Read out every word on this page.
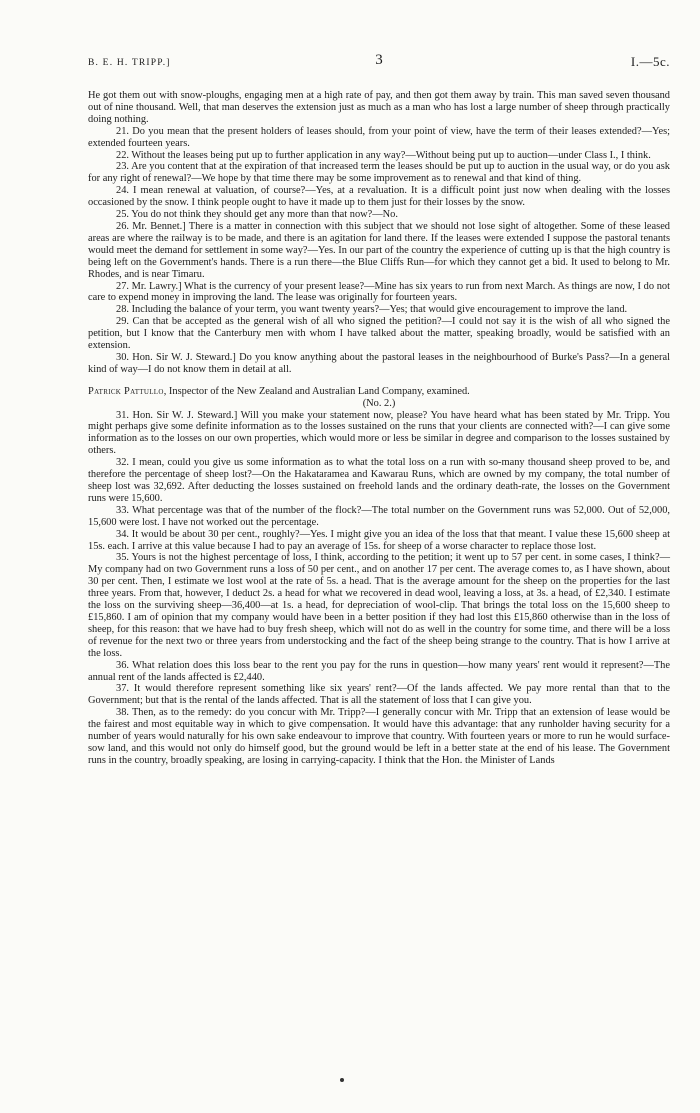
B. E. H. TRIPP.]	3	I.—5c.

He got them out with snow-ploughs, engaging men at a high rate of pay, and then got them away by train. This man saved seven thousand out of nine thousand. Well, that man deserves the extension just as much as a man who has lost a large number of sheep through practically doing nothing.

21. Do you mean that the present holders of leases should, from your point of view, have the term of their leases extended?—Yes; extended fourteen years.

22. Without the leases being put up to further application in any way?—Without being put up to auction—under Class I., I think.

23. Are you content that at the expiration of that increased term the leases should be put up to auction in the usual way, or do you ask for any right of renewal?—We hope by that time there may be some improvement as to renewal and that kind of thing.

24. I mean renewal at valuation, of course?—Yes, at a revaluation. It is a difficult point just now when dealing with the losses occasioned by the snow. I think people ought to have it made up to them just for their losses by the snow.

25. You do not think they should get any more than that now?—No.

26. Mr. Bennet.] There is a matter in connection with this subject that we should not lose sight of altogether. Some of these leased areas are where the railway is to be made, and there is an agitation for land there. If the leases were extended I suppose the pastoral tenants would meet the demand for settlement in some way?—Yes. In our part of the country the experience of cutting up is that the high country is being left on the Government's hands. There is a run there—the Blue Cliffs Run—for which they cannot get a bid. It used to belong to Mr. Rhodes, and is near Timaru.

27. Mr. Lawry.] What is the currency of your present lease?—Mine has six years to run from next March. As things are now, I do not care to expend money in improving the land. The lease was originally for fourteen years.

28. Including the balance of your term, you want twenty years?—Yes; that would give encouragement to improve the land.

29. Can that be accepted as the general wish of all who signed the petition?—I could not say it is the wish of all who signed the petition, but I know that the Canterbury men with whom I have talked about the matter, speaking broadly, would be satisfied with an extension.

30. Hon. Sir W. J. Steward.] Do you know anything about the pastoral leases in the neighbourhood of Burke's Pass?—In a general kind of way—I do not know them in detail at all.

Patrick Pattullo, Inspector of the New Zealand and Australian Land Company, examined.

(No. 2.)

31. Hon. Sir W. J. Steward.] Will you make your statement now, please? You have heard what has been stated by Mr. Tripp. You might perhaps give some definite information as to the losses sustained on the runs that your clients are connected with?—I can give some information as to the losses on our own properties, which would more or less be similar in degree and comparison to the losses sustained by others.

32. I mean, could you give us some information as to what the total loss on a run with so-many thousand sheep proved to be, and therefore the percentage of sheep lost?—On the Hakataramea and Kawarau Runs, which are owned by my company, the total number of sheep lost was 32,692. After deducting the losses sustained on freehold lands and the ordinary death-rate, the losses on the Government runs were 15,600.

33. What percentage was that of the number of the flock?—The total number on the Government runs was 52,000. Out of 52,000, 15,600 were lost. I have not worked out the percentage.

34. It would be about 30 per cent., roughly?—Yes. I might give you an idea of the loss that that meant. I value these 15,600 sheep at 15s. each. I arrive at this value because I had to pay an average of 15s. for sheep of a worse character to replace those lost.

35. Yours is not the highest percentage of loss, I think, according to the petition; it went up to 57 per cent. in some cases, I think?—My company had on two Government runs a loss of 50 per cent., and on another 17 per cent. The average comes to, as I have shown, about 30 per cent. Then, I estimate we lost wool at the rate of 5s. a head. That is the average amount for the sheep on the properties for the last three years. From that, however, I deduct 2s. a head for what we recovered in dead wool, leaving a loss, at 3s. a head, of £2,340. I estimate the loss on the surviving sheep—36,400—at 1s. a head, for depreciation of wool-clip. That brings the total loss on the 15,600 sheep to £15,860. I am of opinion that my company would have been in a better position if they had lost this £15,860 otherwise than in the loss of sheep, for this reason: that we have had to buy fresh sheep, which will not do as well in the country for some time, and there will be a loss of revenue for the next two or three years from understocking and the fact of the sheep being strange to the country. That is how I arrive at the loss.

36. What relation does this loss bear to the rent you pay for the runs in question—how many years' rent would it represent?—The annual rent of the lands affected is £2,440.

37. It would therefore represent something like six years' rent?—Of the lands affected. We pay more rental than that to the Government; but that is the rental of the lands affected. That is all the statement of loss that I can give you.

38. Then, as to the remedy: do you concur with Mr. Tripp?—I generally concur with Mr. Tripp that an extension of lease would be the fairest and most equitable way in which to give compensation. It would have this advantage: that any runholder having security for a number of years would naturally for his own sake endeavour to improve that country. With fourteen years or more to run he would surface-sow land, and this would not only do himself good, but the ground would be left in a better state at the end of his lease. The Government runs in the country, broadly speaking, are losing in carrying-capacity. I think that the Hon. the Minister of Lands
